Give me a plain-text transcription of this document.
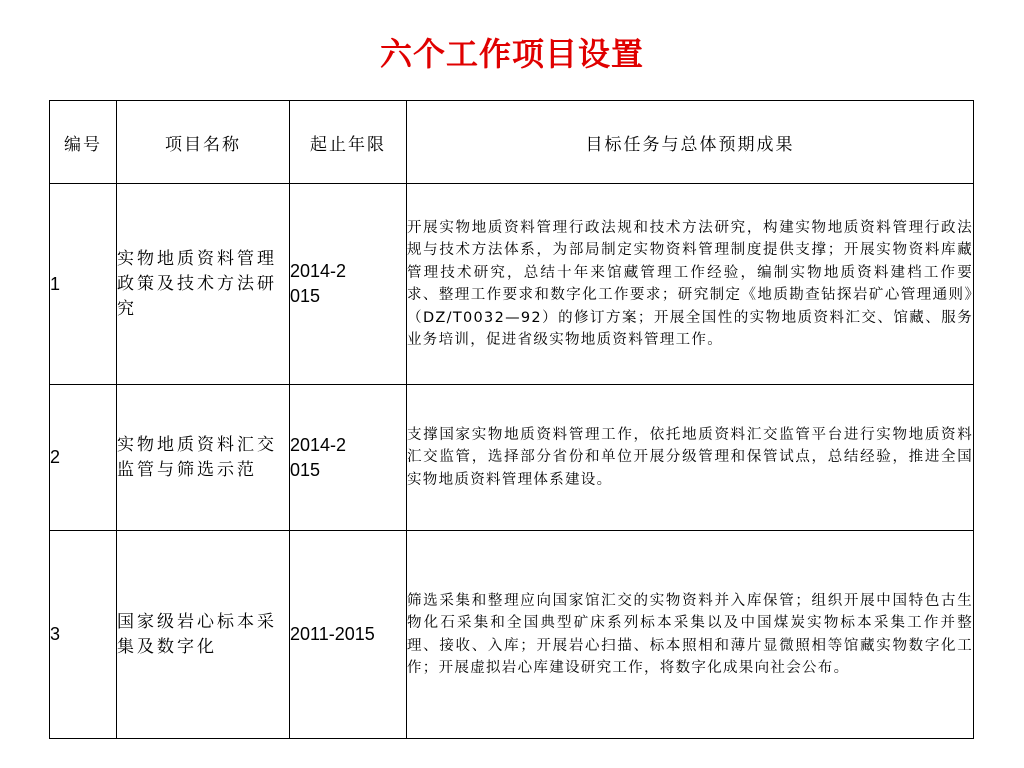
六个工作项目设置
编号	项目名称	起止年限	目标任务与总体预期成果
1	实物地质资料管理政策及技术方法研究	2014-2015	开展实物地质资料管理行政法规和技术方法研究，构建实物地质资料管理行政法规与技术方法体系，为部局制定实物资料管理制度提供支撑；开展实物资料库藏管理技术研究，总结十年来馆藏管理工作经验，编制实物地质资料建档工作要求、整理工作要求和数字化工作要求；研究制定《地质勘查钻探岩矿心管理通则》（DZ/T0032—92）的修订方案；开展全国性的实物地质资料汇交、馆藏、服务业务培训，促进省级实物地质资料管理工作。
2	实物地质资料汇交监管与筛选示范	2014-2015	支撑国家实物地质资料管理工作，依托地质资料汇交监管平台进行实物地质资料汇交监管，选择部分省份和单位开展分级管理和保管试点，总结经验，推进全国实物地质资料管理体系建设。
3	国家级岩心标本采集及数字化	2011-2015	筛选采集和整理应向国家馆汇交的实物资料并入库保管；组织开展中国特色古生物化石采集和全国典型矿床系列标本采集以及中国煤炭实物标本采集工作并整理、接收、入库；开展岩心扫描、标本照相和薄片显微照相等馆藏实物数字化工作；开展虚拟岩心库建设研究工作，将数字化成果向社会公布。
